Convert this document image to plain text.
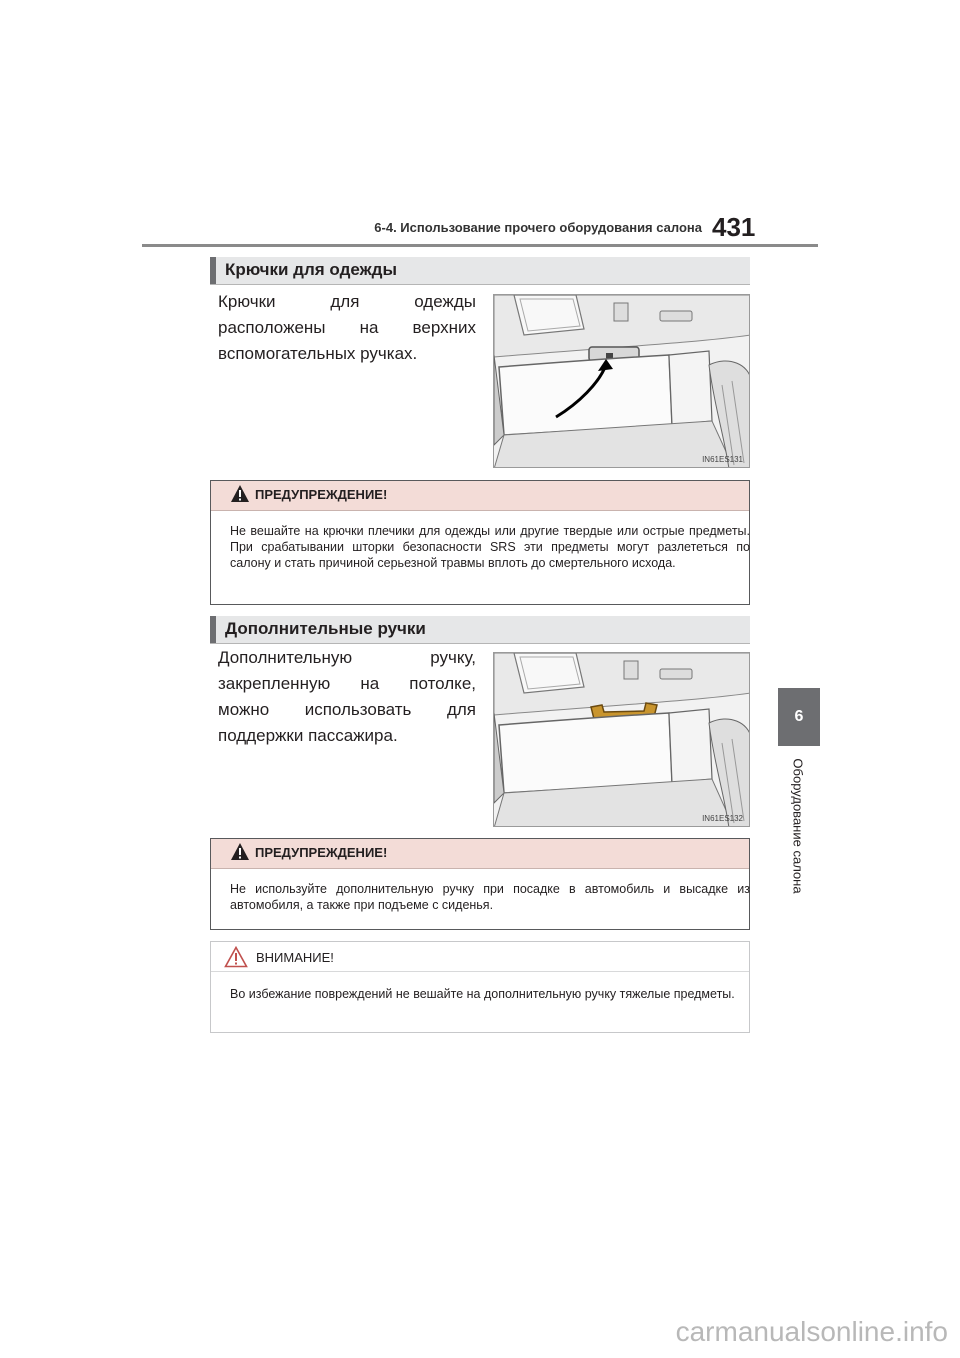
6-4. Использование прочего оборудования салона 431
6
Оборудование салона
Крючки для одежды
Крючки для одежды расположены на верхних вспомогательных ручках.
IN61ES131
ПРЕДУПРЕЖДЕНИЕ!
Не вешайте на крючки плечики для одежды или другие твердые или острые предметы. При срабатывании шторки безопасности SRS эти предметы могут разлететься по салону и стать причиной серьезной травмы вплоть до смертельного исхода.
Дополнительные ручки
Дополнительную ручку, закрепленную на потолке, можно использовать для поддержки пассажира.
IN61ES132
ПРЕДУПРЕЖДЕНИЕ!
Не используйте дополнительную ручку при посадке в автомобиль и высадке из автомобиля, а также при подъеме с сиденья.
ВНИМАНИЕ!
Во избежание повреждений не вешайте на дополнительную ручку тяжелые предметы.
carmanualsonline.info
